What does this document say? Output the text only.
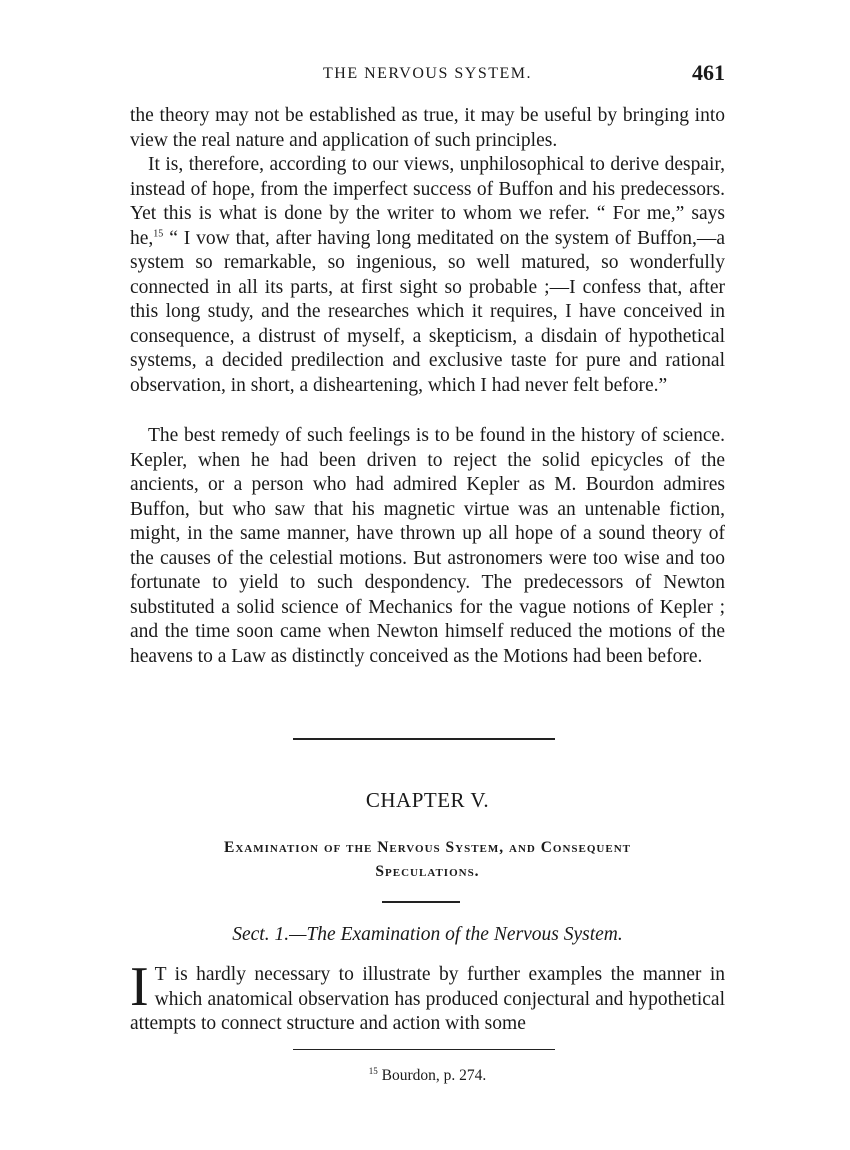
THE NERVOUS SYSTEM.	461

the theory may not be established as true, it may be useful by bringing into view the real nature and application of such principles.

It is, therefore, according to our views, unphilosophical to derive despair, instead of hope, from the imperfect success of Buffon and his predecessors. Yet this is what is done by the writer to whom we refer. “ For me,” says he,$^{15}$ “ I vow that, after having long meditated on the system of Buffon,—a system so remarkable, so ingenious, so well matured, so wonderfully connected in all its parts, at first sight so probable ;—I confess that, after this long study, and the researches which it requires, I have conceived in consequence, a distrust of myself, a skepticism, a disdain of hypothetical systems, a decided predilection and exclusive taste for pure and rational observation, in short, a disheartening, which I had never felt before.”

The best remedy of such feelings is to be found in the history of science. Kepler, when he had been driven to reject the solid epicycles of the ancients, or a person who had admired Kepler as M. Bourdon admires Buffon, but who saw that his magnetic virtue was an untenable fiction, might, in the same manner, have thrown up all hope of a sound theory of the causes of the celestial motions. But astronomers were too wise and too fortunate to yield to such despondency. The predecessors of Newton substituted a solid science of Mechanics for the vague notions of Kepler ; and the time soon came when Newton himself reduced the motions of the heavens to a Law as distinctly conceived as the Motions had been before.

CHAPTER V.
Examination of the Nervous System, and Consequent
Speculations.
Sect. 1.—The Examination of the Nervous System.

I T is hardly necessary to illustrate by further examples the manner in which anatomical observation has produced conjectural and hypothetical attempts to connect structure and action with some

$^{15}$ Bourdon, p. 274.
